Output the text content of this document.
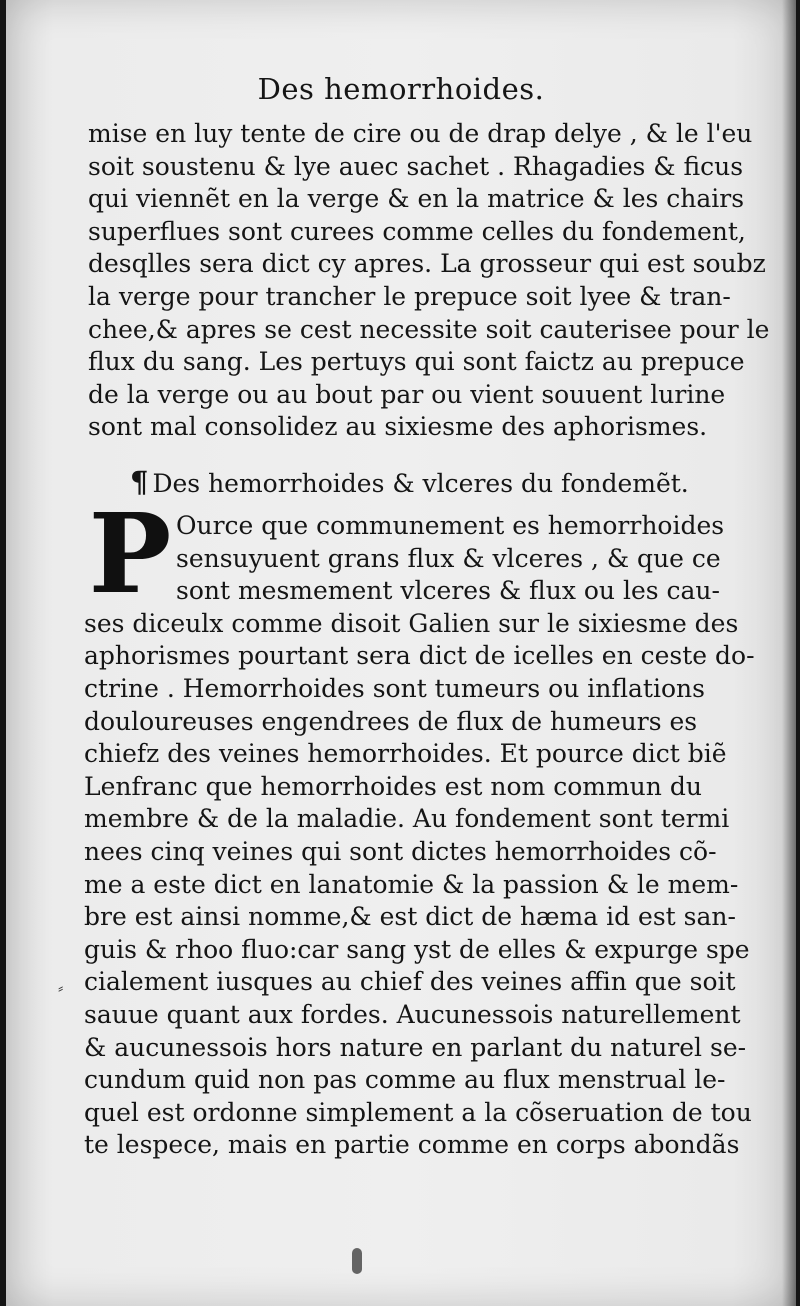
Des hemorrhoides.
mise en luy tente de cire ou de drap delye , & le l'eu
soit soustenu & lye auec sachet . Rhagadies & ficus
qui viennẽt en la verge & en la matrice & les chairs
superflues sont curees comme celles du fondement,
desqlles sera dict cy apres. La grosseur qui est soubz
la verge pour trancher le prepuce soit lyee & tran-
chee,& apres se cest necessite soit cauterisee pour le
flux du sang. Les pertuys qui sont faictz au prepuce
de la verge ou au bout par ou vient souuent lurine
sont mal consolidez au sixiesme des aphorismes.
¶ Des hemorrhoides & vlceres du fondemẽt.
P Ource que communement es hemorrhoides
sensuyuent grans flux & vlceres , & que ce
sont mesmement vlceres & flux ou les cau-
ses diceulx comme disoit Galien sur le sixiesme des
aphorismes pourtant sera dict de icelles en ceste do-
ctrine . Hemorrhoides sont tumeurs ou inflations
douloureuses engendrees de flux de humeurs es
chiefz des veines hemorrhoides. Et pource dict biẽ
Lenfranc que hemorrhoides est nom commun du
membre & de la maladie. Au fondement sont termi
nees cinq veines qui sont dictes hemorrhoides cõ-
me a este dict en lanatomie & la passion & le mem-
bre est ainsi nomme,& est dict de hæma id est san-
guis & rhoo fluo:car sang yst de elles & expurge spe
cialement iusques au chief des veines affin que soit
sauue quant aux fordes. Aucunessois naturellement
& aucunessois hors nature en parlant du naturel se-
cundum quid non pas comme au flux menstrual le-
quel est ordonne simplement a la cõseruation de tou
te lespece, mais en partie comme en corps abondãs
⸗
